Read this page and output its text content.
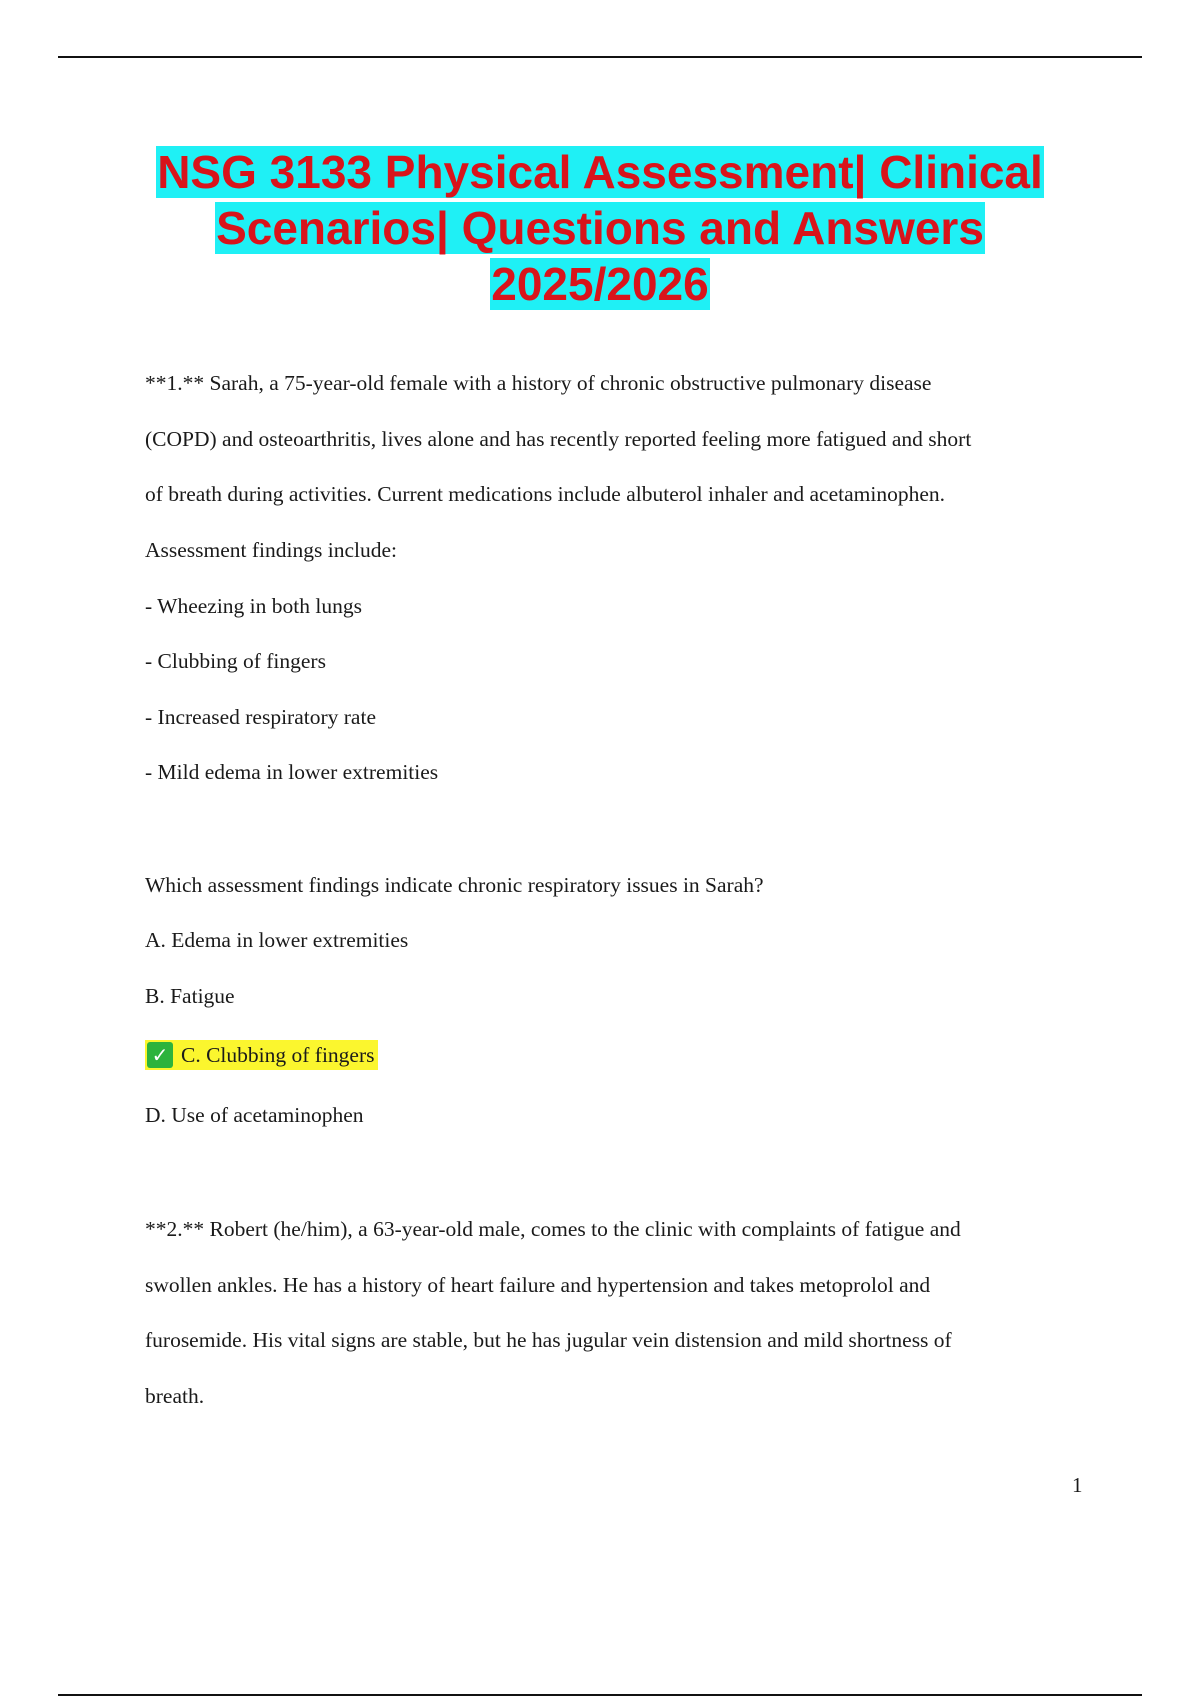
NSG 3133 Physical Assessment| Clinical
Scenarios| Questions and Answers
2025/2026
**1.** Sarah, a 75-year-old female with a history of chronic obstructive pulmonary disease
(COPD) and osteoarthritis, lives alone and has recently reported feeling more fatigued and short
of breath during activities. Current medications include albuterol inhaler and acetaminophen.
Assessment findings include:
- Wheezing in both lungs
- Clubbing of fingers
- Increased respiratory rate
- Mild edema in lower extremities
Which assessment findings indicate chronic respiratory issues in Sarah?
A. Edema in lower extremities
B. Fatigue
✓ C. Clubbing of fingers
D. Use of acetaminophen
**2.** Robert (he/him), a 63-year-old male, comes to the clinic with complaints of fatigue and
swollen ankles. He has a history of heart failure and hypertension and takes metoprolol and
furosemide. His vital signs are stable, but he has jugular vein distension and mild shortness of
breath.
1
